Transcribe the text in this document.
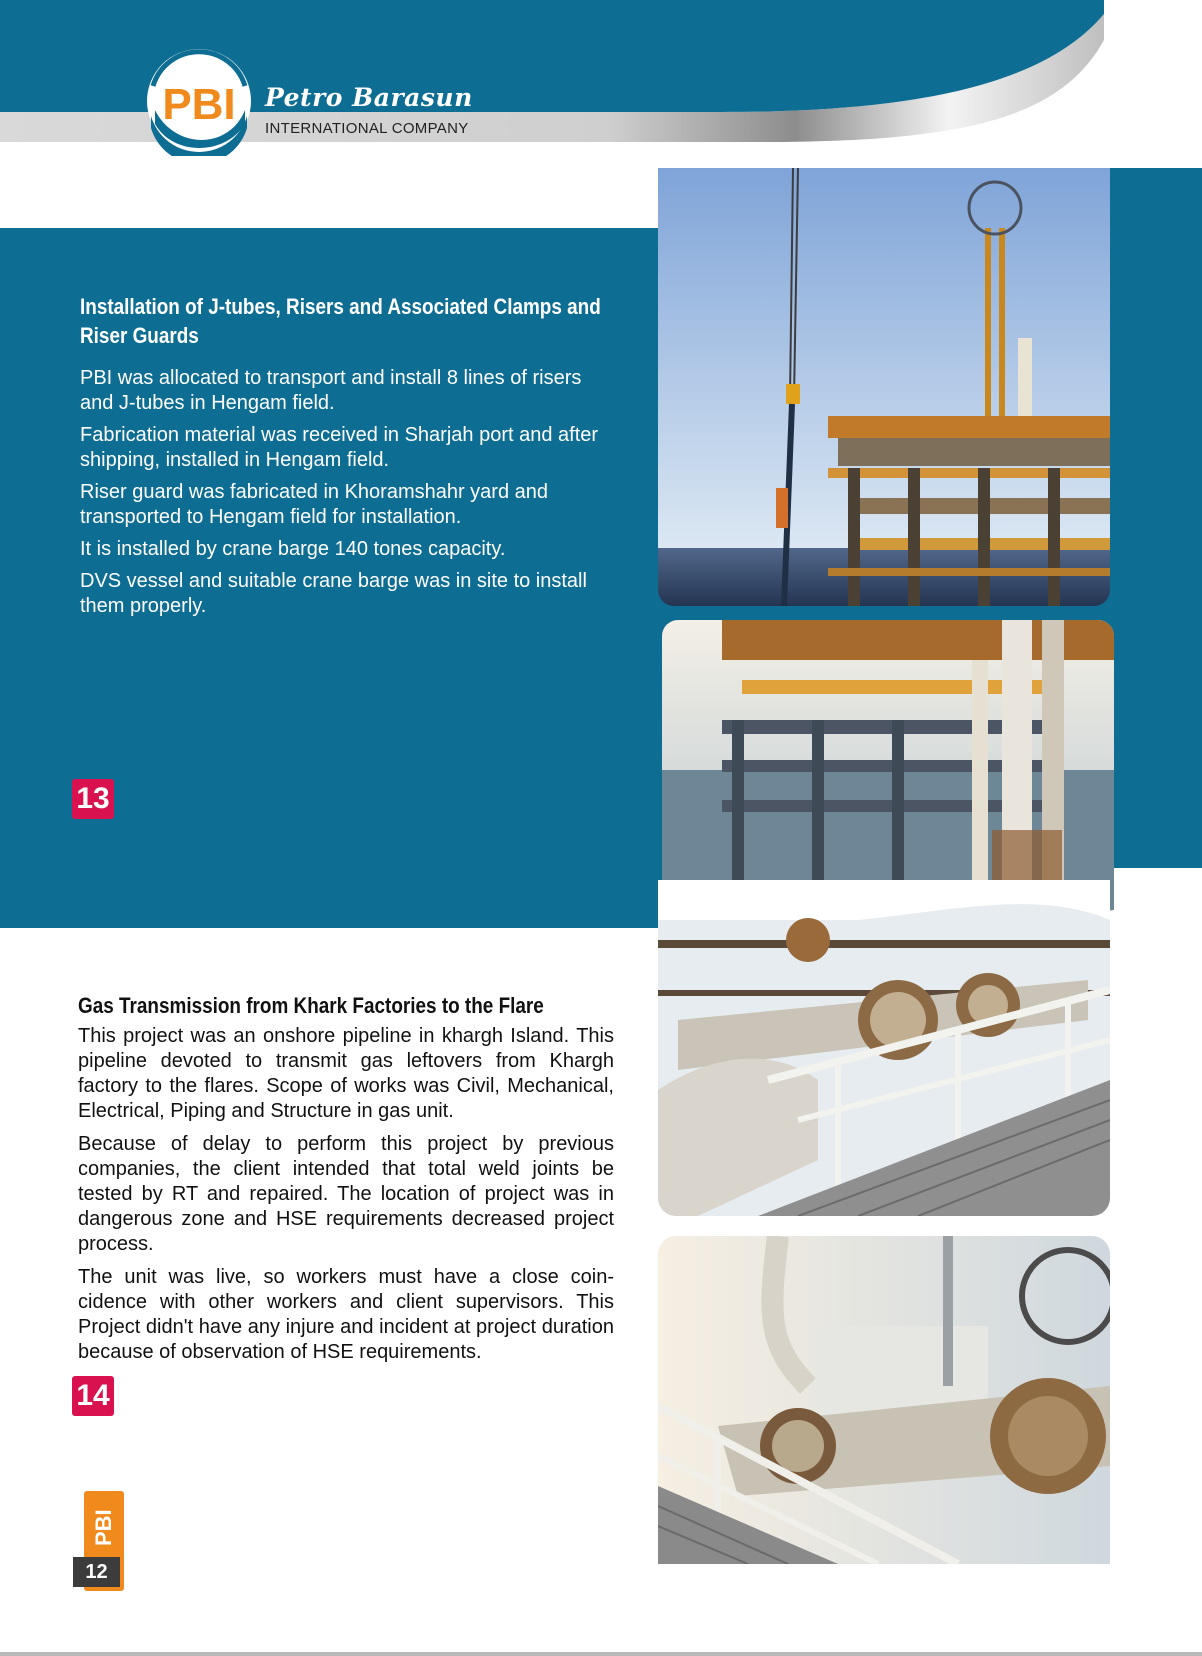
PBI Petro Barasun
INTERNATIONAL COMPANY
Installation of J-tubes, Risers and Associated Clamps and Riser Guards

PBI was allocated to transport and install 8 lines of risers and J-tubes in Hengam field.

Fabrication material was received in Sharjah port and after shipping, installed in Hengam field.

Riser guard was fabricated in Khoramshahr yard and transported to Hengam field for installation.

It is installed by crane barge 140 tones capacity.

DVS vessel and suitable crane barge was in site to install them properly.

13
Gas Transmission from Khark Factories to the Flare

This project was an onshore pipeline in khargh Island. This pipeline devoted to transmit gas leftovers from Khargh factory to the flares. Scope of works was Civil, Mechanical, Electrical, Piping and Structure in gas unit.

Because of delay to perform this project by previous companies, the client intended that total weld joints be tested by RT and repaired. The location of project was in dangerous zone and HSE requirements decreased project process.

The unit was live, so workers must have a close coin-cidence with other workers and client supervisors. This Project didn't have any injure and incident at project duration because of observation of HSE requirements.

14
PBI
12
